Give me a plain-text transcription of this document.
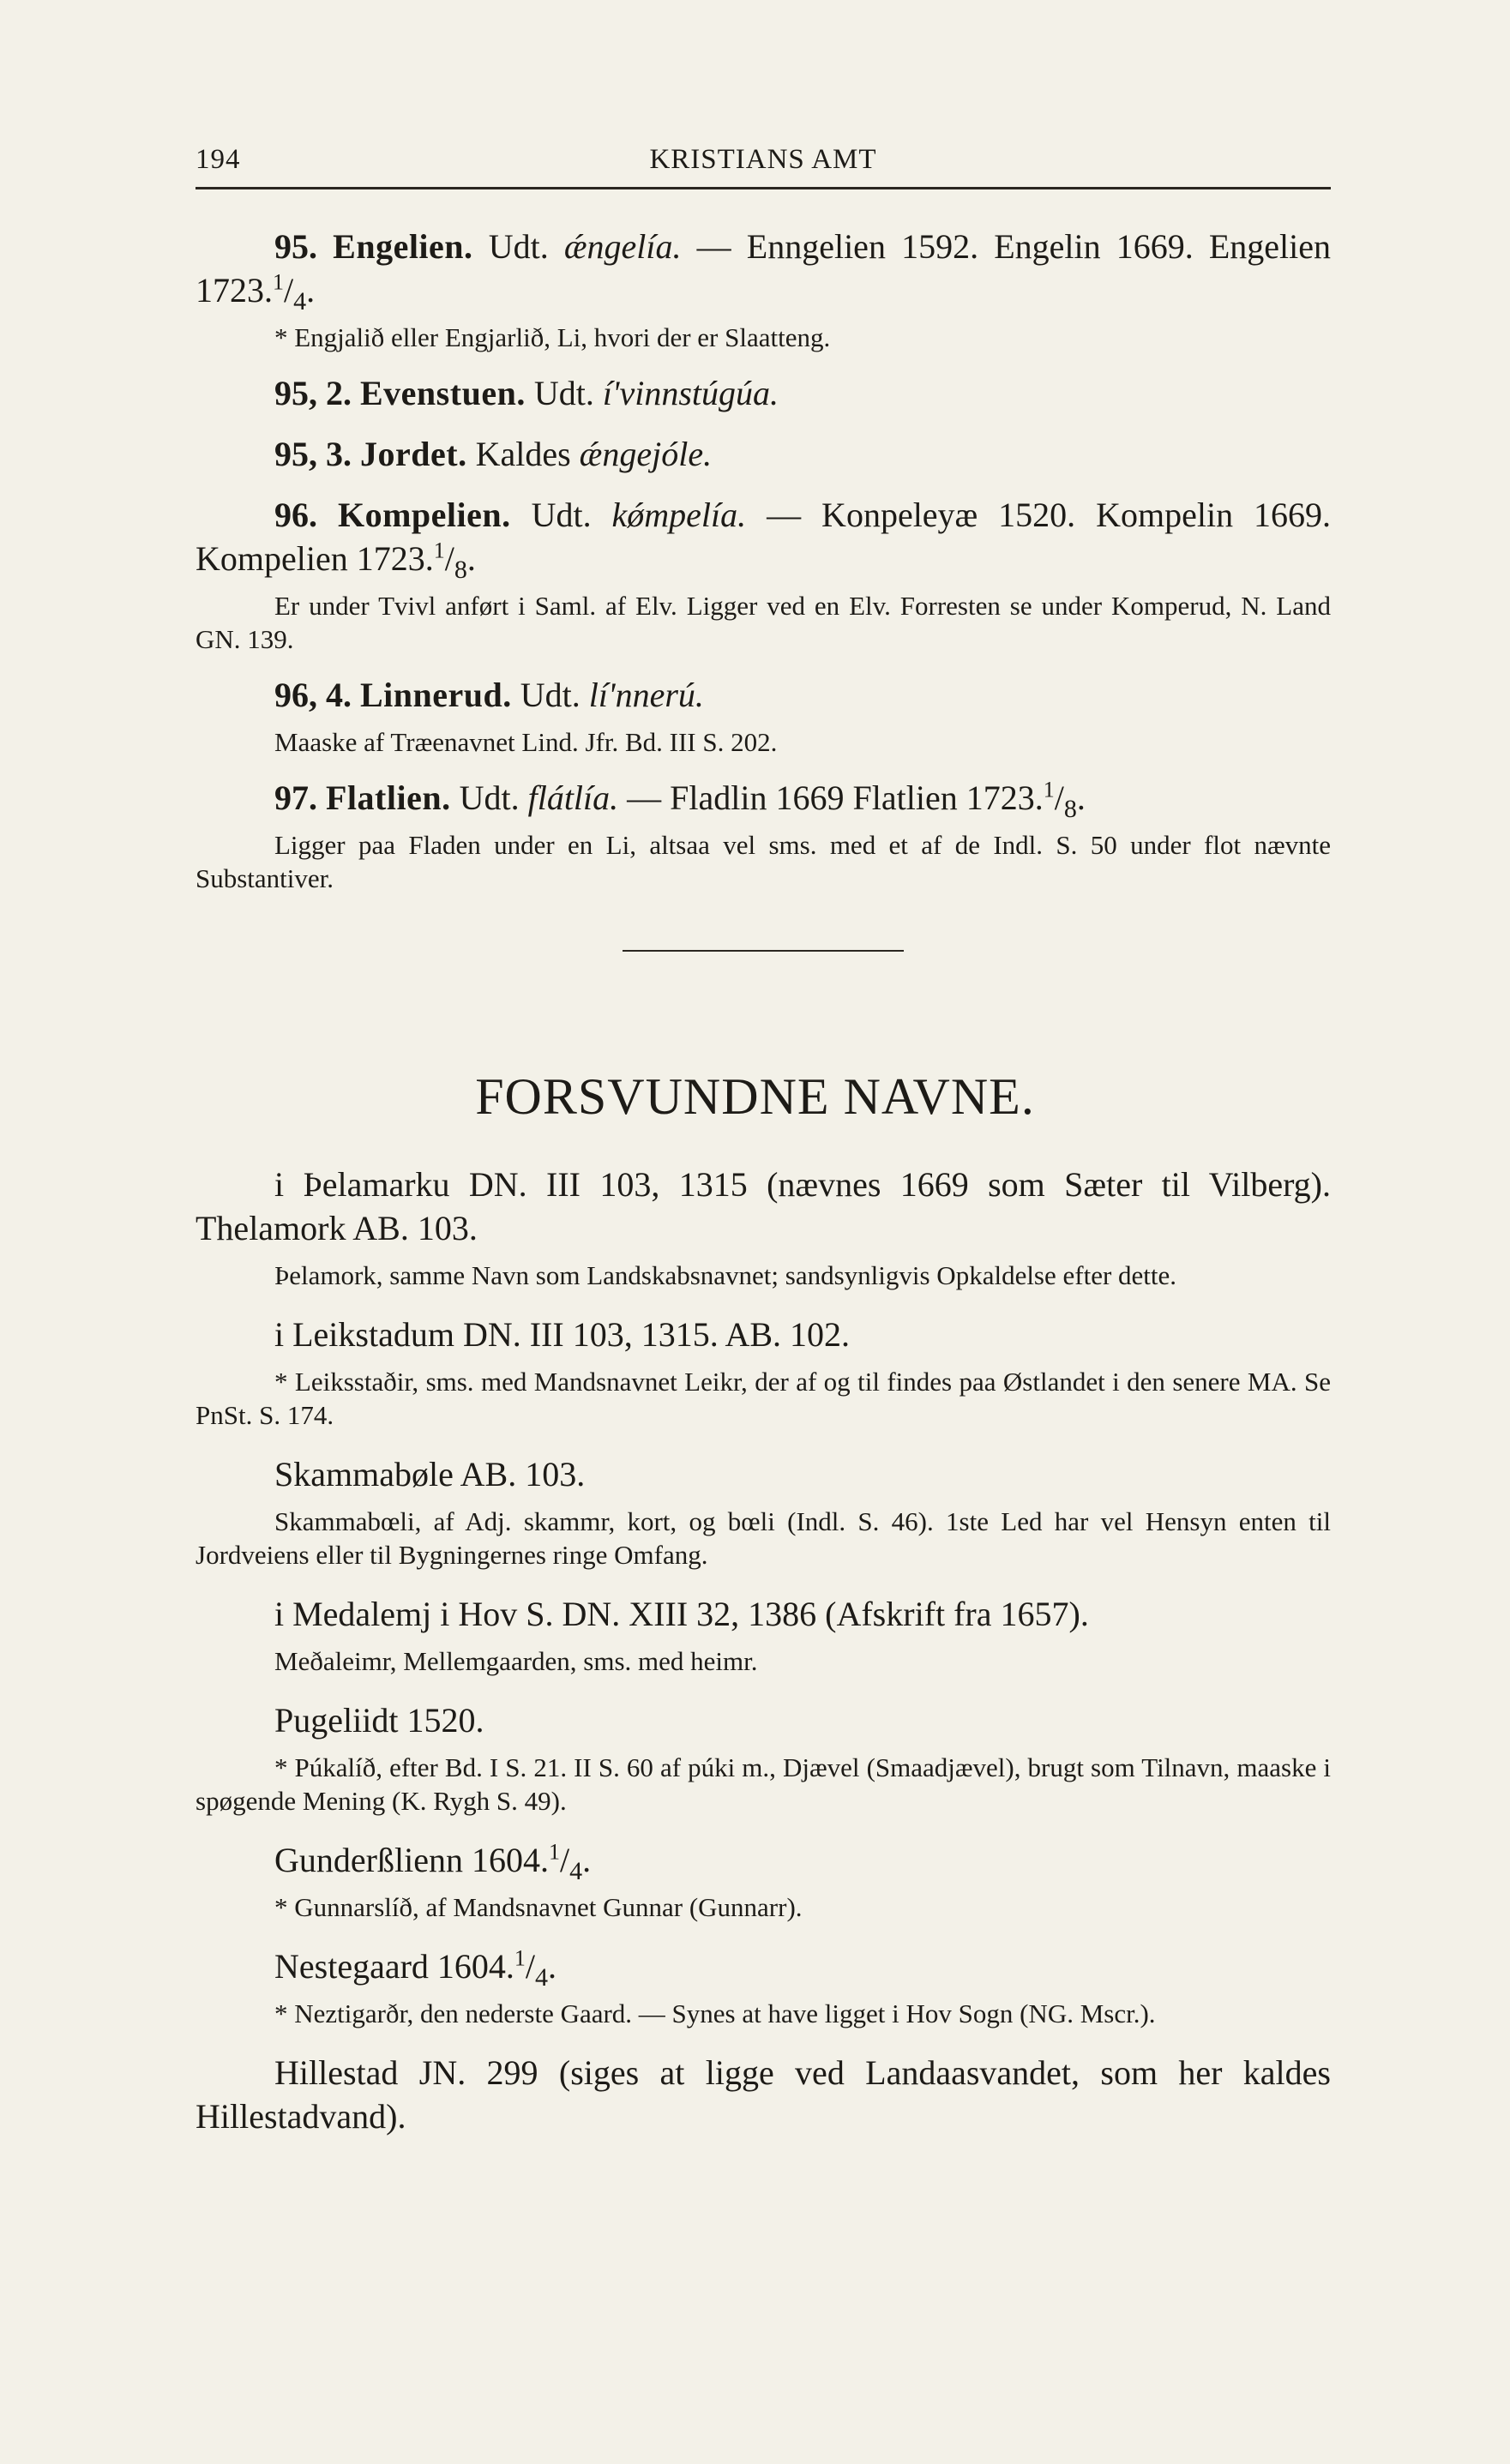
194	KRISTIANS AMT

95. Engelien. Udt. ǽngelía. — Enngelien 1592. Engelin 1669. Engelien $1723.^1/_4$.

* Engjalið eller Engjarlið, Li, hvori der er Slaatteng.

95, 2. Evenstuen. Udt. í'vinnstúgúa.

95, 3. Jordet. Kaldes ǽngejóle.

96. Kompelien. Udt. kǿmpelía. — Konpeleyæ 1520. Kompelin 1669. Kompelien $1723.^1/_8$.

Er under Tvivl anført i Saml. af Elv. Ligger ved en Elv. Forresten se under Komperud, N. Land GN. 139.

96, 4. Linnerud. Udt. lí'nnerú.

Maaske af Træenavnet Lind. Jfr. Bd. III S. 202.

97. Flatlien. Udt. flátlía. — Fladlin 1669 Flatlien $1723.^1/_8$.

Ligger paa Fladen under en Li, altsaa vel sms. med et af de Indl. S. 50 under flot nævnte Substantiver.

FORSVUNDNE NAVNE.

i Þelamarku DN. III 103, 1315 (nævnes 1669 som Sæter til Vilberg). Thelamork AB. 103.

Þelamork, samme Navn som Landskabsnavnet; sandsynligvis Opkaldelse efter dette.

i Leikstadum DN. III 103, 1315. AB. 102.

* Leiksstaðir, sms. med Mandsnavnet Leikr, der af og til findes paa Østlandet i den senere MA. Se PnSt. S. 174.

Skammabøle AB. 103.

Skammabœli, af Adj. skammr, kort, og bœli (Indl. S. 46). 1ste Led har vel Hensyn enten til Jordveiens eller til Bygningernes ringe Omfang.

i Medalemj i Hov S. DN. XIII 32, 1386 (Afskrift fra 1657).

Meðaleimr, Mellemgaarden, sms. med heimr.

Pugeliidt 1520.

* Púkalíð, efter Bd. I S. 21. II S. 60 af púki m., Djævel (Smaadjævel), brugt som Tilnavn, maaske i spøgende Mening (K. Rygh S. 49).

Gunderßlienn $1604.^1/_4$.

* Gunnarslíð, af Mandsnavnet Gunnar (Gunnarr).

Nestegaard $1604.^1/_4$.

* Neztigarðr, den nederste Gaard. — Synes at have ligget i Hov Sogn (NG. Mscr.).

Hillestad JN. 299 (siges at ligge ved Landaasvandet, som her kaldes Hillestadvand).
